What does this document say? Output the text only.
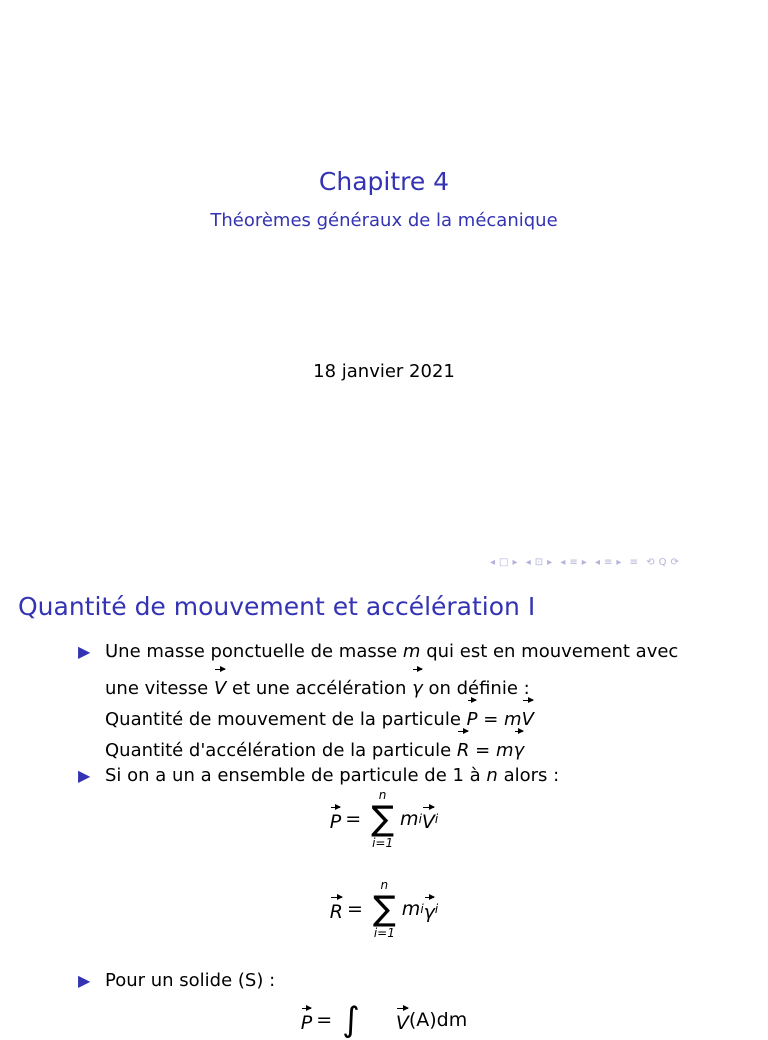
Chapitre 4
Théorèmes généraux de la mécanique
18 janvier 2021
◂ □ ▸ ◂ ⊡ ▸ ◂ ≡ ▸ ◂ ≡ ▸ ≡ ⟲ Q ⟳
Quantité de mouvement et accélération I
▶ Une masse ponctuelle de masse m qui est en mouvement avec
une vitesse V et une accélération γ on définie :
Quantité de mouvement de la particule P = mV
Quantité d'accélération de la particule R = mγ
▶ Si on a un a ensemble de particule de 1 à n alors :
P =
n
∑
i=1
m i V i
R =
n
∑
i=1
m i γ i
▶ Pour un solide (S) :
P = ∫ V (A)dm
